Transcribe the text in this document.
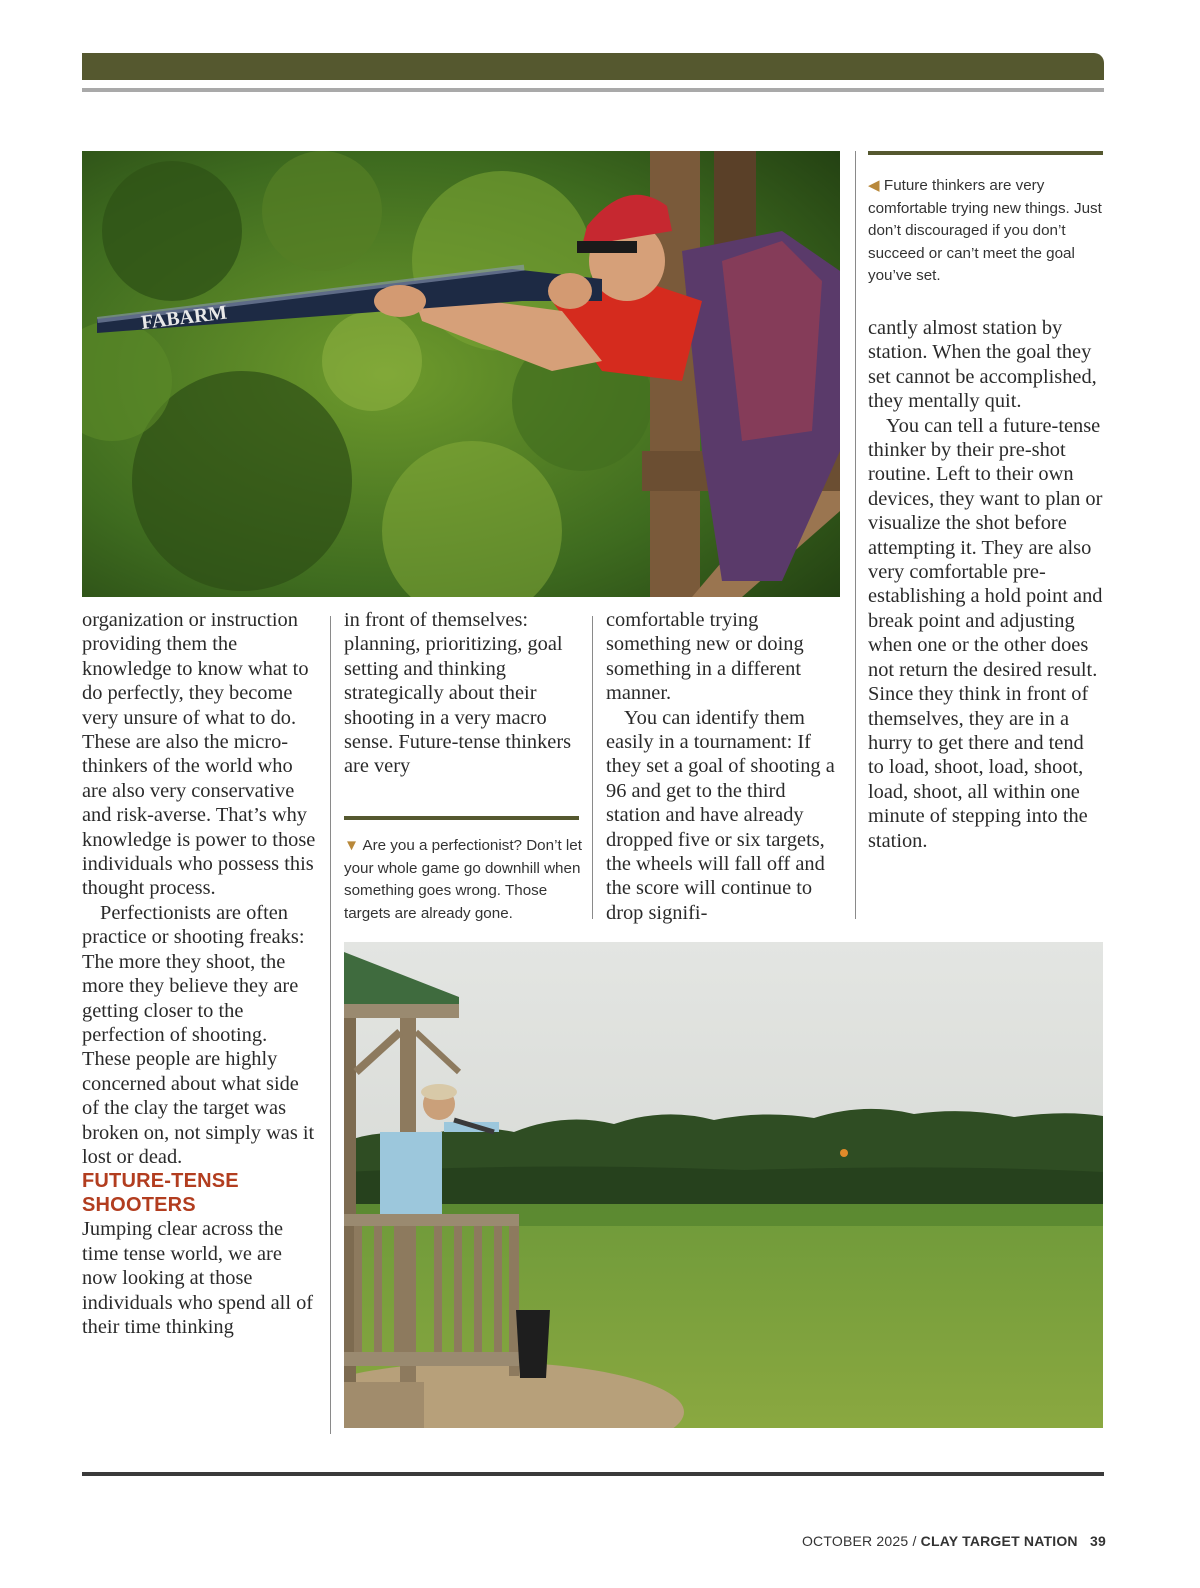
FABARM
◀ Future thinkers are very comfortable trying new things. Just don’t discouraged if you don’t succeed or can’t meet the goal you’ve set.

organization or instruction providing them the knowledge to know what to do perfectly, they become very unsure of what to do. These are also the micro-thinkers of the world who are also very conservative and risk-averse. That’s why knowledge is power to those individuals who possess this thought process.

Perfectionists are often practice or shooting freaks: The more they shoot, the more they believe they are getting closer to the perfection of shooting. These people are highly concerned about what side of the clay the target was broken on, not simply was it lost or dead.

FUTURE-TENSE SHOOTERS

Jumping clear across the time tense world, we are now looking at those individuals who spend all of their time thinking

in front of themselves: planning, prioritizing, goal setting and thinking strategically about their shooting in a very macro sense. Future-tense thinkers are very

▼ Are you a perfectionist? Don’t let your whole game go downhill when something goes wrong. Those targets are already gone.

comfortable trying something new or doing something in a different manner.

You can identify them easily in a tournament: If they set a goal of shooting a 96 and get to the third station and have already dropped five or six targets, the wheels will fall off and the score will continue to drop signifi-

cantly almost station by station. When the goal they set cannot be accomplished, they mentally quit.

You can tell a future-tense thinker by their pre-shot routine. Left to their own devices, they want to plan or visualize the shot before attempting it. They are also very comfortable pre-establishing a hold point and break point and adjusting when one or the other does not return the desired result. Since they think in front of themselves, they are in a hurry to get there and tend to load, shoot, load, shoot, load, shoot, all within one minute of stepping into the station.

OCTOBER 2025 / CLAY TARGET NATION 39
